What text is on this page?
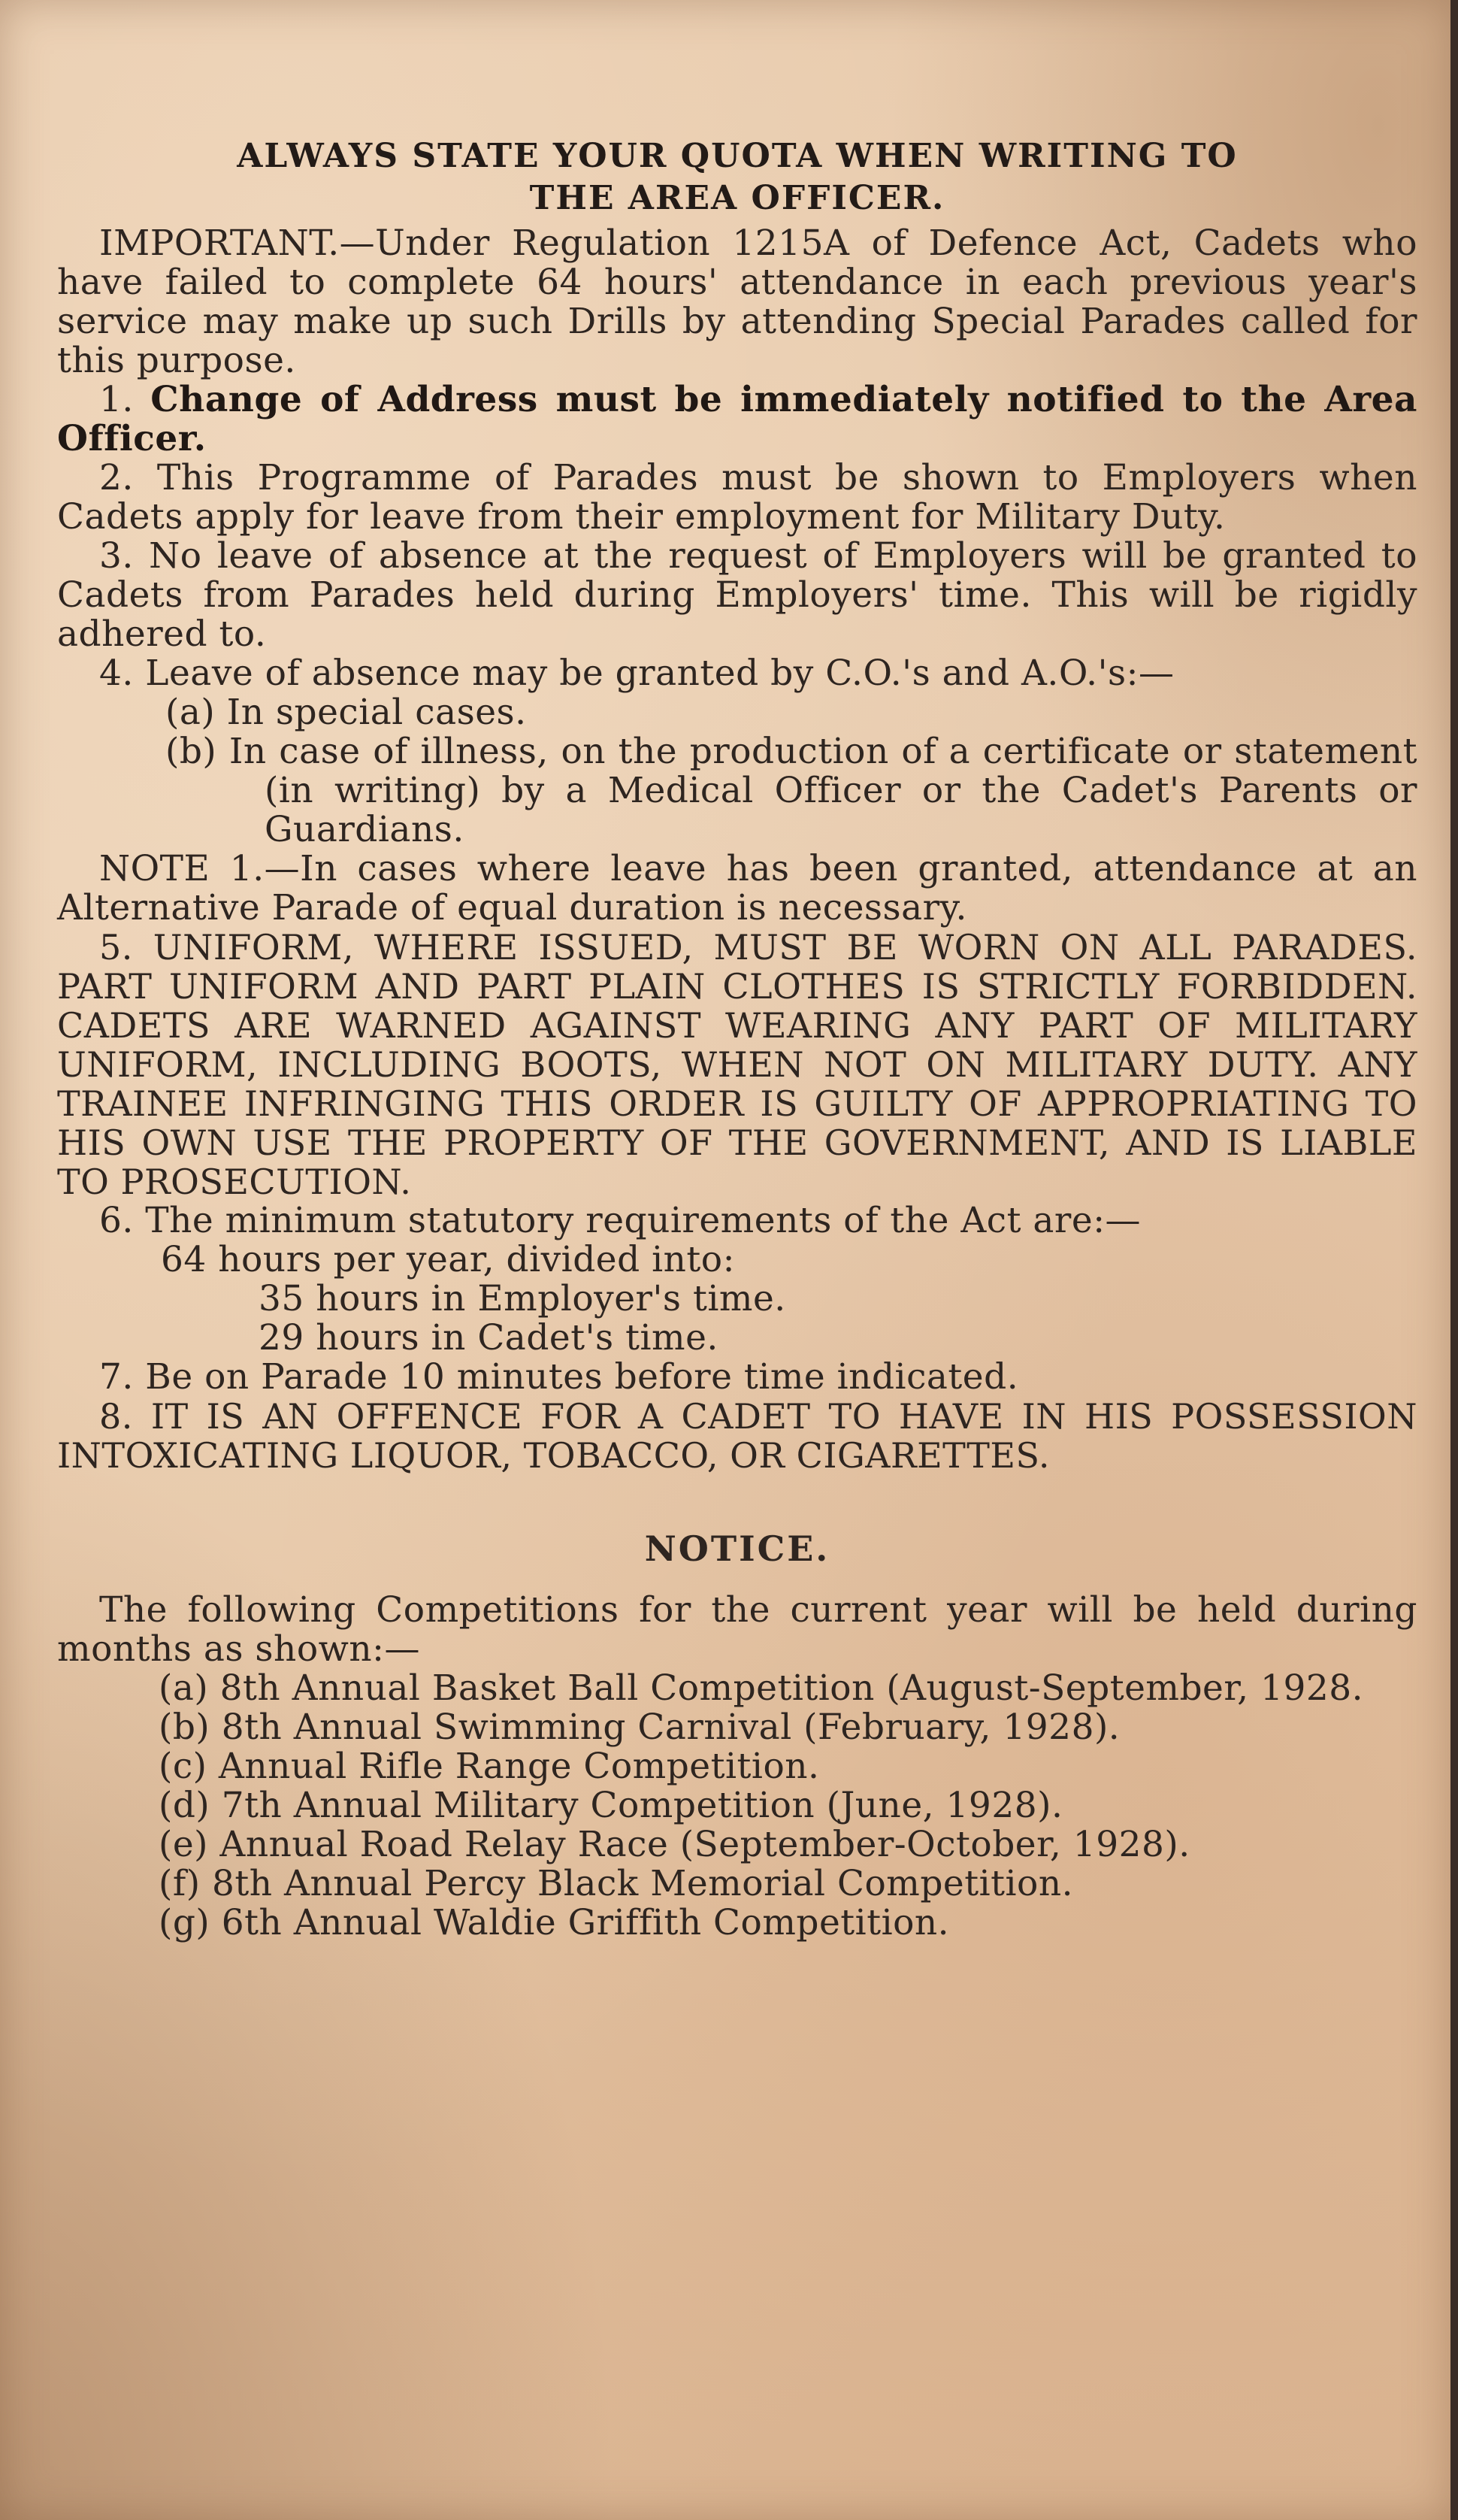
ALWAYS STATE YOUR QUOTA WHEN WRITING TO
THE AREA OFFICER.

IMPORTANT.—Under Regulation 1215A of Defence Act, Cadets who have failed to complete 64 hours' attendance in each previous year's service may make up such Drills by attending Special Parades called for this purpose.

1. Change of Address must be immediately notified to the Area Officer.

2. This Programme of Parades must be shown to Employers when Cadets apply for leave from their employment for Military Duty.

3. No leave of absence at the request of Employers will be granted to Cadets from Parades held during Employers' time. This will be rigidly adhered to.

4. Leave of absence may be granted by C.O.'s and A.O.'s:—

(a) In special cases.

(b) In case of illness, on the production of a certificate or statement (in writing) by a Medical Officer or the Cadet's Parents or Guardians.

NOTE 1.—In cases where leave has been granted, attendance at an Alternative Parade of equal duration is necessary.

5. UNIFORM, WHERE ISSUED, MUST BE WORN ON ALL PARADES. PART UNIFORM AND PART PLAIN CLOTHES IS STRICTLY FORBIDDEN. CADETS ARE WARNED AGAINST WEARING ANY PART OF MILITARY UNIFORM, INCLUDING BOOTS, WHEN NOT ON MILITARY DUTY. ANY TRAINEE INFRINGING THIS ORDER IS GUILTY OF APPROPRIATING TO HIS OWN USE THE PROPERTY OF THE GOVERNMENT, AND IS LIABLE TO PROSECUTION.

6. The minimum statutory requirements of the Act are:—

64 hours per year, divided into:
35 hours in Employer's time.
29 hours in Cadet's time.

7. Be on Parade 10 minutes before time indicated.

8. IT IS AN OFFENCE FOR A CADET TO HAVE IN HIS POSSESSION INTOXICATING LIQUOR, TOBACCO, OR CIGARETTES.

NOTICE.

The following Competitions for the current year will be held during months as shown:—

(a) 8th Annual Basket Ball Competition (August-September, 1928.
(b) 8th Annual Swimming Carnival (February, 1928).
(c) Annual Rifle Range Competition.
(d) 7th Annual Military Competition (June, 1928).
(e) Annual Road Relay Race (September-October, 1928).
(f) 8th Annual Percy Black Memorial Competition.
(g) 6th Annual Waldie Griffith Competition.
